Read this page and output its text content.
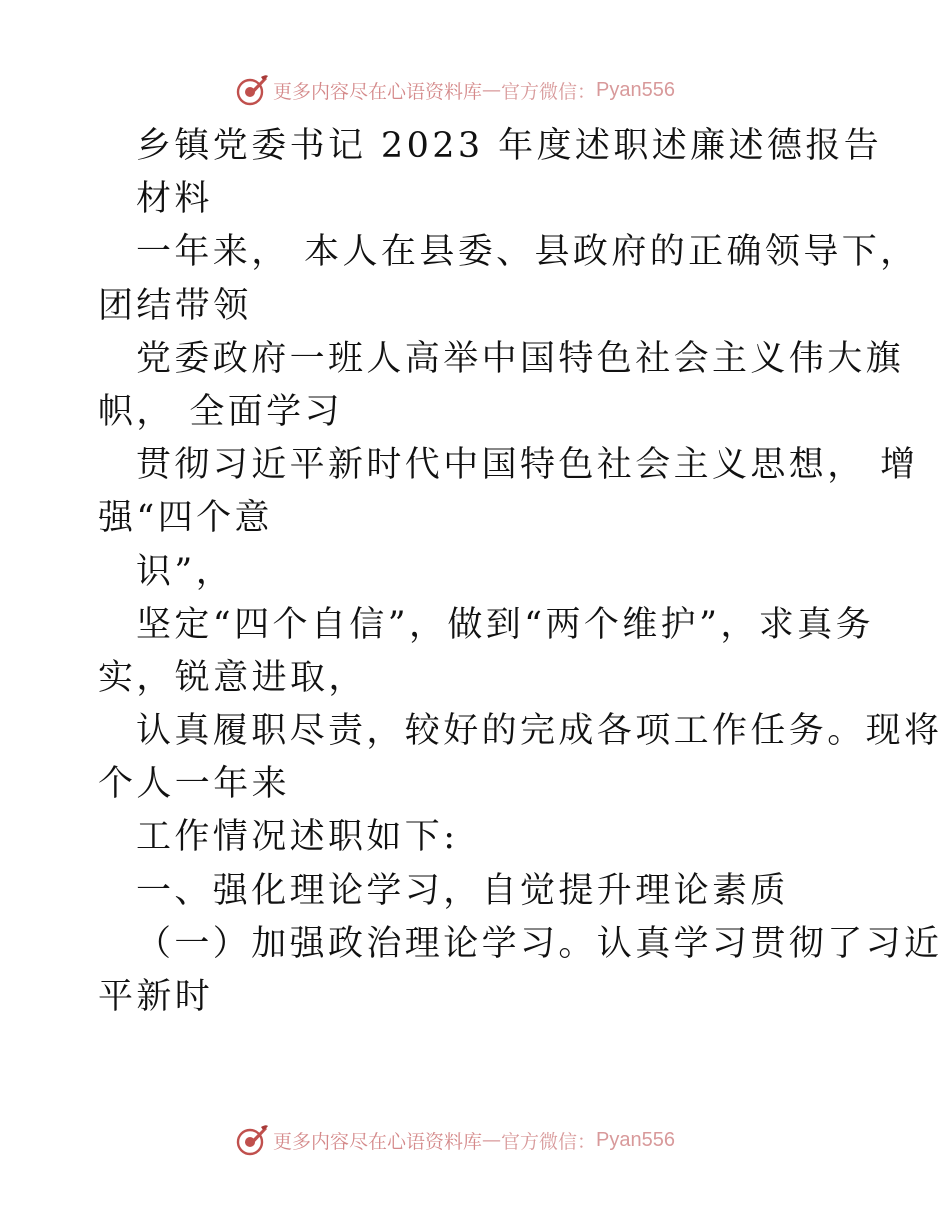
更多内容尽在心语资料库 — 官方微信： Pyan556
乡镇党委书记 2023 年度述职述廉述德报告
材料
一年来， 本人在县委、县政府的正确领导下，
团结带领
党委政府一班人高举中国特色社会主义伟大旗
帜， 全面学习
贯彻习近平新时代中国特色社会主义思想， 增
强“四个意
识”，
坚定“四个自信”，做到“两个维护”，求真务
实，锐意进取，
认真履职尽责，较好的完成各项工作任务。现将
个人一年来
工作情况述职如下:
一、强化理论学习，自觉提升理论素质
（一）加强政治理论学习。认真学习贯彻了习近
平新时
更多内容尽在心语资料库 — 官方微信： Pyan556
